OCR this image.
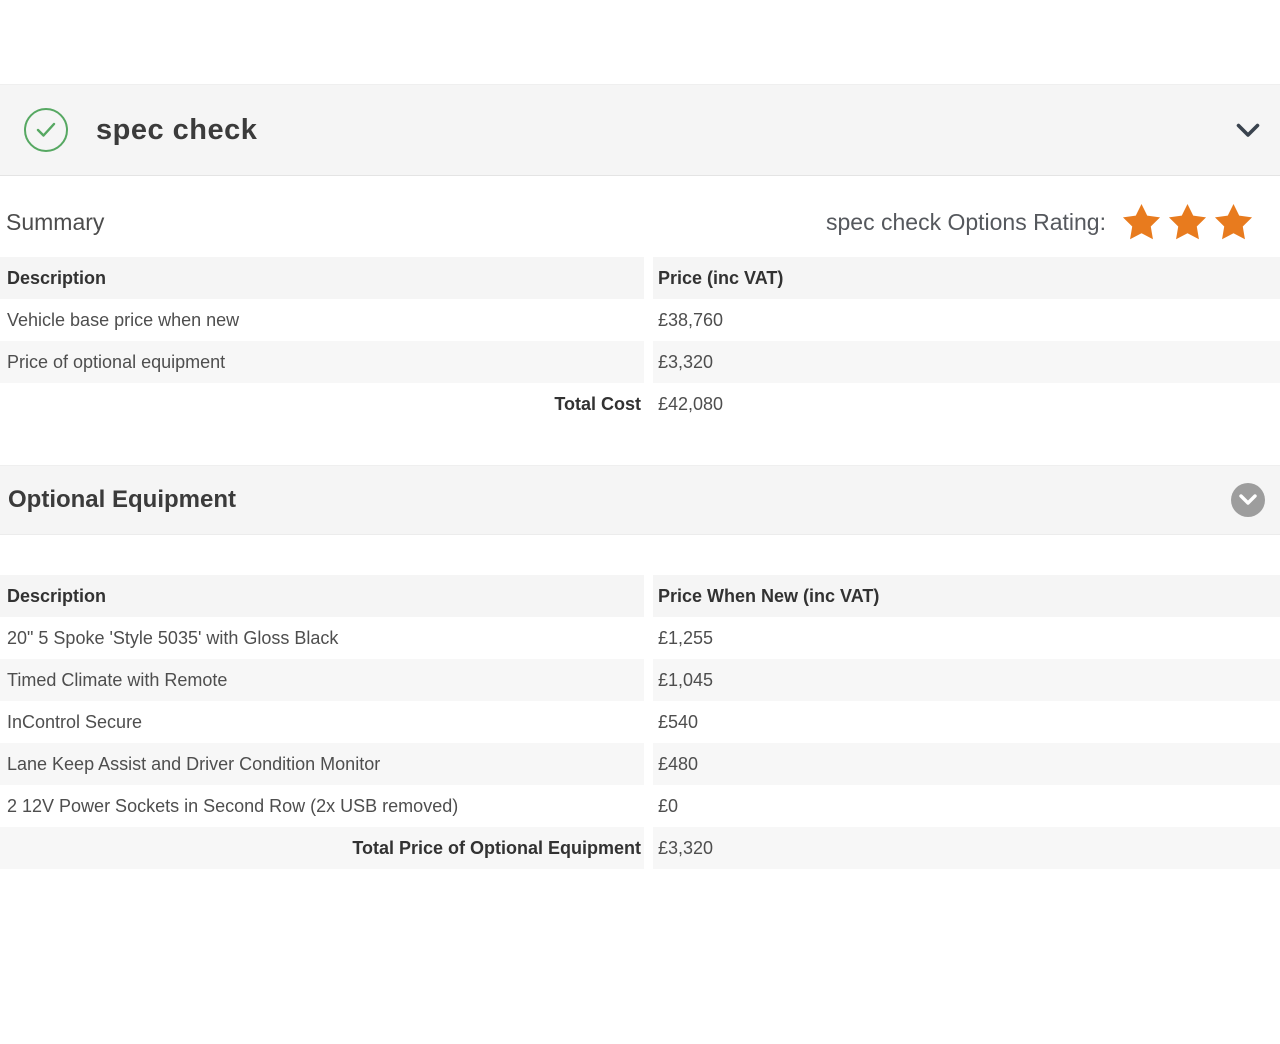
spec check
Summary	spec check Options Rating:
Description	Price (inc VAT)
Vehicle base price when new	£38,760
Price of optional equipment	£3,320
Total Cost £42,080
Optional Equipment
Description	Price When New (inc VAT)
20" 5 Spoke 'Style 5035' with Gloss Black	£1,255
Timed Climate with Remote	£1,045
InControl Secure	£540
Lane Keep Assist and Driver Condition Monitor	£480
2 12V Power Sockets in Second Row (2x USB removed)	£0
Total Price of Optional Equipment £3,320
